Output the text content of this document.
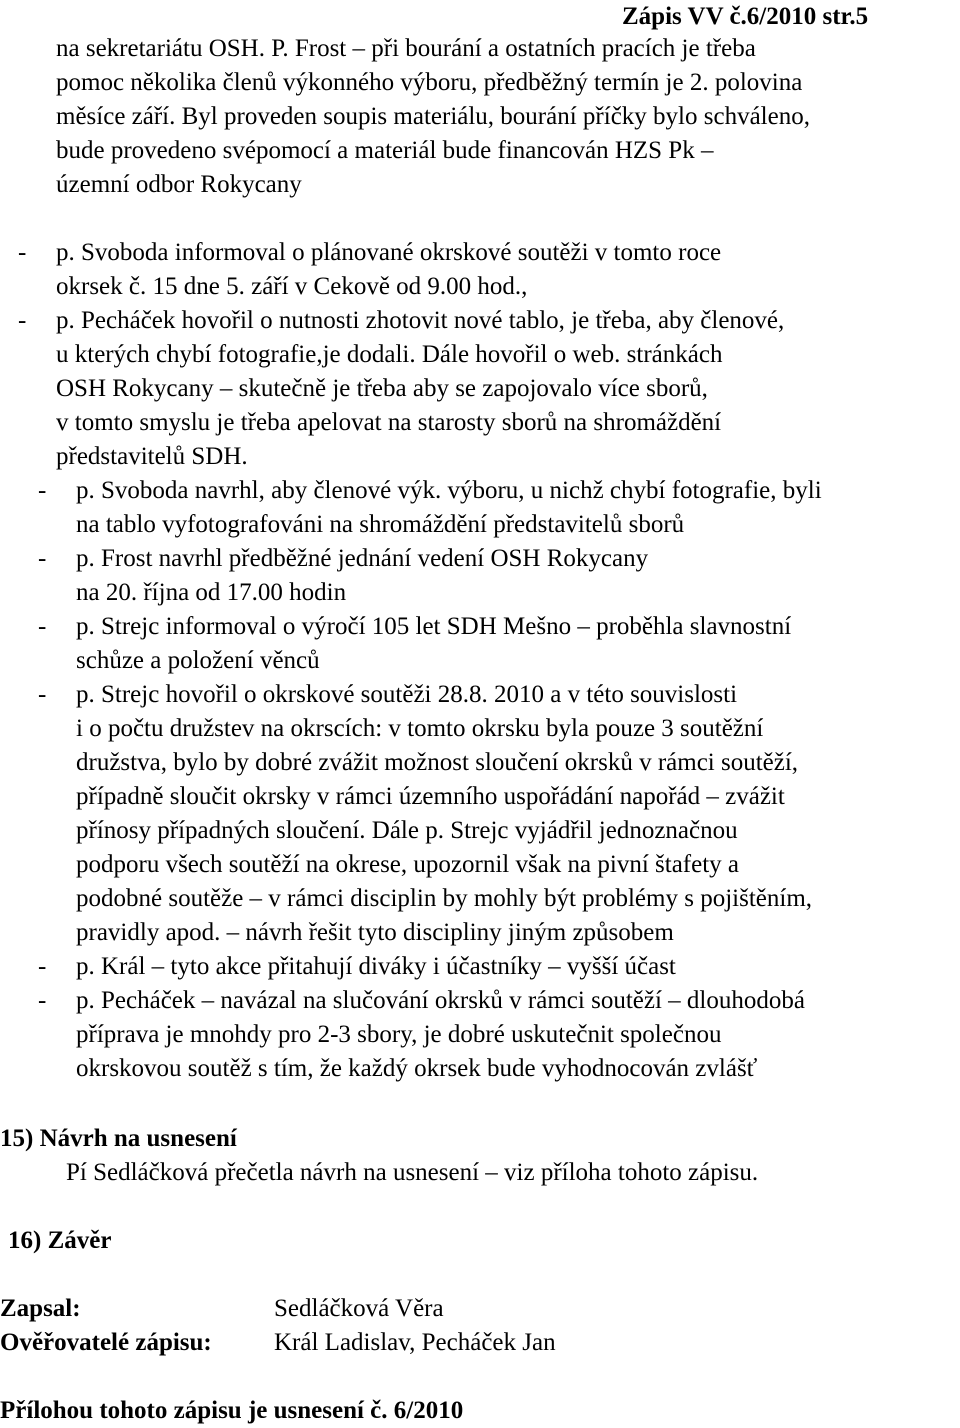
Zápis VV č.6/2010 str.5
na sekretariátu OSH. P. Frost – při bourání a ostatních pracích je třeba
pomoc několika členů výkonného výboru, předběžný termín je 2. polovina
měsíce září. Byl proveden soupis materiálu, bourání příčky bylo schváleno,
bude provedeno svépomocí a materiál bude financován HZS Pk –
územní odbor Rokycany
- p. Svoboda informoval o plánované okrskové soutěži v tomto roce
okrsek č. 15 dne 5. září v Cekově od 9.00 hod.,
- p. Pecháček hovořil o nutnosti zhotovit nové tablo, je třeba, aby členové,
u kterých chybí fotografie,je dodali. Dále hovořil o web. stránkách
OSH Rokycany – skutečně je třeba aby se zapojovalo více sborů,
v tomto smyslu je třeba apelovat na starosty sborů na shromáždění
představitelů SDH.
- p. Svoboda navrhl, aby členové výk. výboru, u nichž chybí fotografie, byli
na tablo vyfotografováni na shromáždění představitelů sborů
- p. Frost navrhl předběžné jednání vedení OSH Rokycany
na 20. října od 17.00 hodin
- p. Strejc informoval o výročí 105 let SDH Mešno – proběhla slavnostní
schůze a položení věnců
- p. Strejc hovořil o okrskové soutěži 28.8. 2010 a v této souvislosti
i o počtu družstev na okrscích: v tomto okrsku byla pouze 3 soutěžní
družstva, bylo by dobré zvážit možnost sloučení okrsků v rámci soutěží,
případně sloučit okrsky v rámci územního uspořádání napořád – zvážit
přínosy případných sloučení. Dále p. Strejc vyjádřil jednoznačnou
podporu všech soutěží na okrese, upozornil však na pivní štafety a
podobné soutěže – v rámci disciplin by mohly být problémy s pojištěním,
pravidly apod. – návrh řešit tyto discipliny jiným způsobem
- p. Král – tyto akce přitahují diváky i účastníky – vyšší účast
- p. Pecháček – navázal na slučování okrsků v rámci soutěží – dlouhodobá
příprava je mnohdy pro 2-3 sbory, je dobré uskutečnit společnou
okrskovou soutěž s tím, že každý okrsek bude vyhodnocován zvlášť
15) Návrh na usnesení
Pí Sedláčková přečetla návrh na usnesení – viz příloha tohoto zápisu.
16) Závěr
Zapsal:	Sedláčková Věra
Ověřovatelé zápisu: Král Ladislav, Pecháček Jan
Přílohou tohoto zápisu je usnesení č. 6/2010
